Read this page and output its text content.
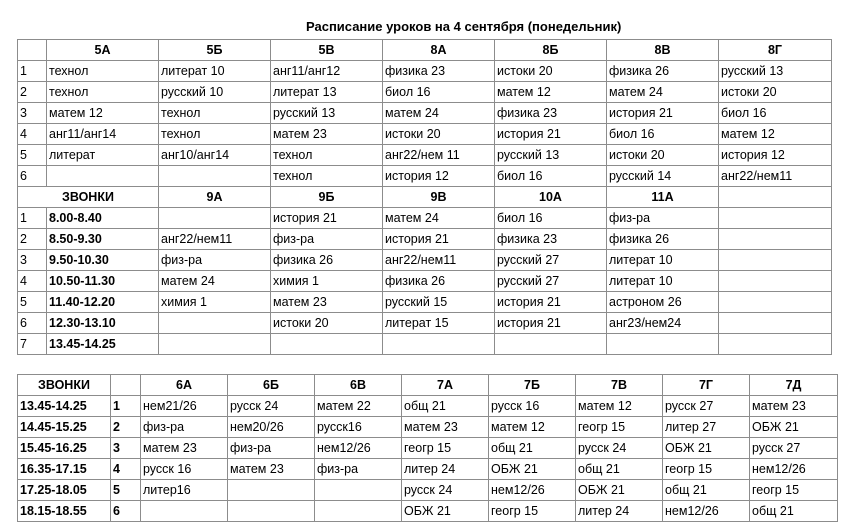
Расписание уроков на 4 сентября (понедельник)
	5А	5Б	5В	8А	8Б	8В	8Г
1	технол	литерат 10	анг11/анг12	физика 23	истоки 20	физика 26	русский 13
2	технол	русский 10	литерат 13	биол 16	матем 12	матем 24	истоки 20
3	матем 12	технол	русский 13	матем 24	физика 23	история 21	биол 16
4	анг11/анг14	технол	матем 23	истоки 20	история 21	биол 16	матем 12
5	литерат	анг10/анг14	технол	анг22/нем 11	русский 13	истоки 20	история 12
6			технол	история 12	биол 16	русский 14	анг22/нем11
ЗВОНКИ		9А	9Б	9В	10А	11А	
1	8.00-8.40		история 21	матем 24	биол 16	физ-ра	
2	8.50-9.30	анг22/нем11	физ-ра	история 21	физика 23	физика 26	
3	9.50-10.30	физ-ра	физика 26	анг22/нем11	русский 27	литерат 10	
4	10.50-11.30	матем 24	химия 1	физика 26	русский 27	литерат 10	
5	11.40-12.20	химия 1	матем 23	русский 15	история 21	астроном 26	
6	12.30-13.10		истоки 20	литерат 15	история 21	анг23/нем24	
7	13.45-14.25						
ЗВОНКИ		6А	6Б	6В	7А	7Б	7В	7Г	7Д
13.45-14.25	1	нем21/26	русск 24	матем 22	общ 21	русск 16	матем 12	русск 27	матем 23
14.45-15.25	2	физ-ра	нем20/26	русск16	матем 23	матем 12	геогр 15	литер 27	ОБЖ 21
15.45-16.25	3	матем 23	физ-ра	нем12/26	геогр 15	общ 21	русск 24	ОБЖ 21	русск 27
16.35-17.15	4	русск 16	матем 23	физ-ра	литер 24	ОБЖ 21	общ 21	геогр 15	нем12/26
17.25-18.05	5	литер16			русск 24	нем12/26	ОБЖ 21	общ 21	геогр 15
18.15-18.55	6				ОБЖ 21	геогр 15	литер 24	нем12/26	общ 21
